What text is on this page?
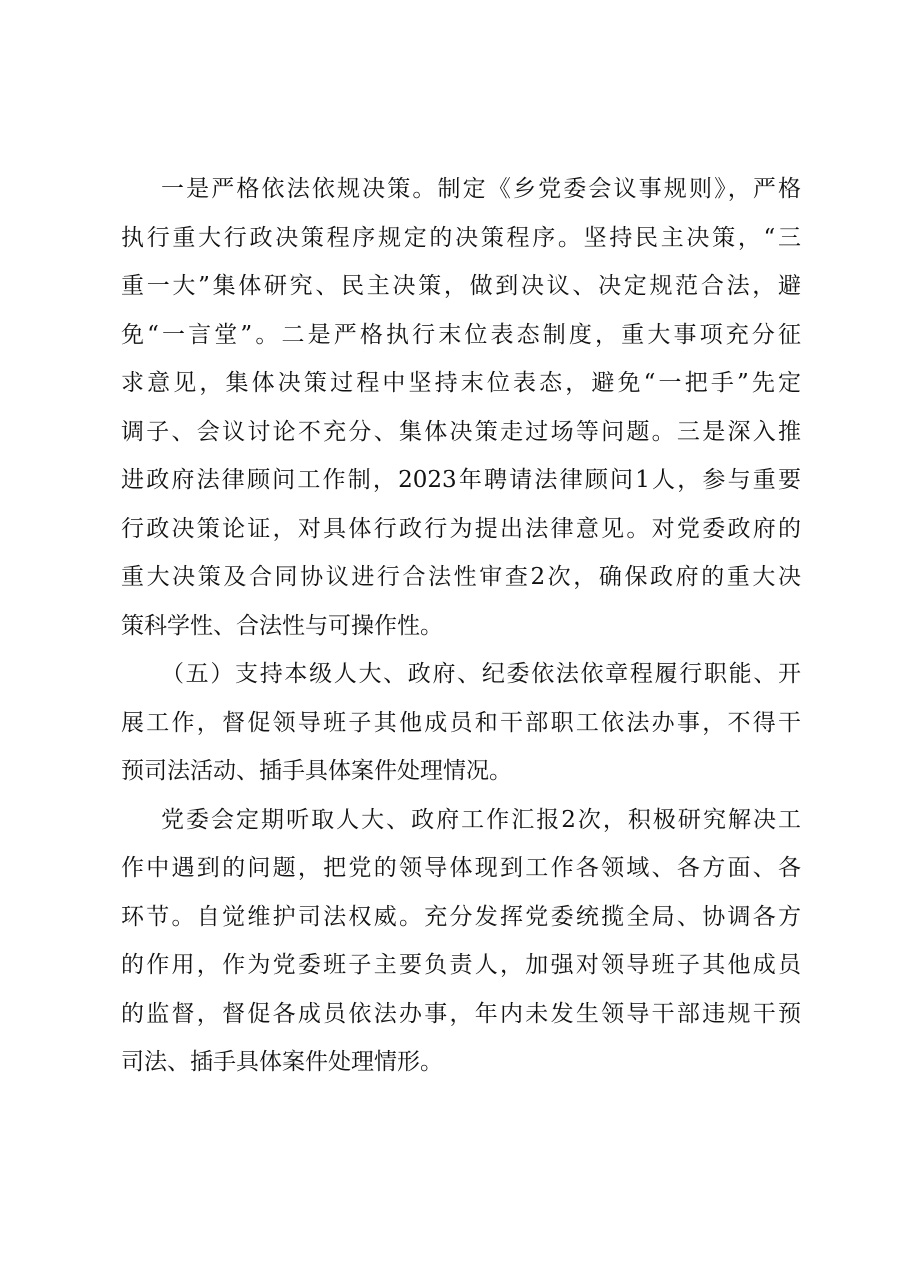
一是严格依法依规决策。制定《乡党委会议事规则》，严格
执行重大行政决策程序规定的决策程序。坚持民主决策，“三
重一大”集体研究、民主决策，做到决议、决定规范合法，避
免“一言堂”。二是严格执行末位表态制度，重大事项充分征
求意见，集体决策过程中坚持末位表态，避免“一把手”先定
调子、会议讨论不充分、集体决策走过场等问题。三是深入推
进政府法律顾问工作制，2023年聘请法律顾问1人，参与重要
行政决策论证，对具体行政行为提出法律意见。对党委政府的
重大决策及合同协议进行合法性审查2次，确保政府的重大决
策科学性、合法性与可操作性。
（五）支持本级人大、政府、纪委依法依章程履行职能、开
展工作，督促领导班子其他成员和干部职工依法办事，不得干
预司法活动、插手具体案件处理情况。
党委会定期听取人大、政府工作汇报2次，积极研究解决工
作中遇到的问题，把党的领导体现到工作各领域、各方面、各
环节。自觉维护司法权威。充分发挥党委统揽全局、协调各方
的作用，作为党委班子主要负责人，加强对领导班子其他成员
的监督，督促各成员依法办事，年内未发生领导干部违规干预
司法、插手具体案件处理情形。
